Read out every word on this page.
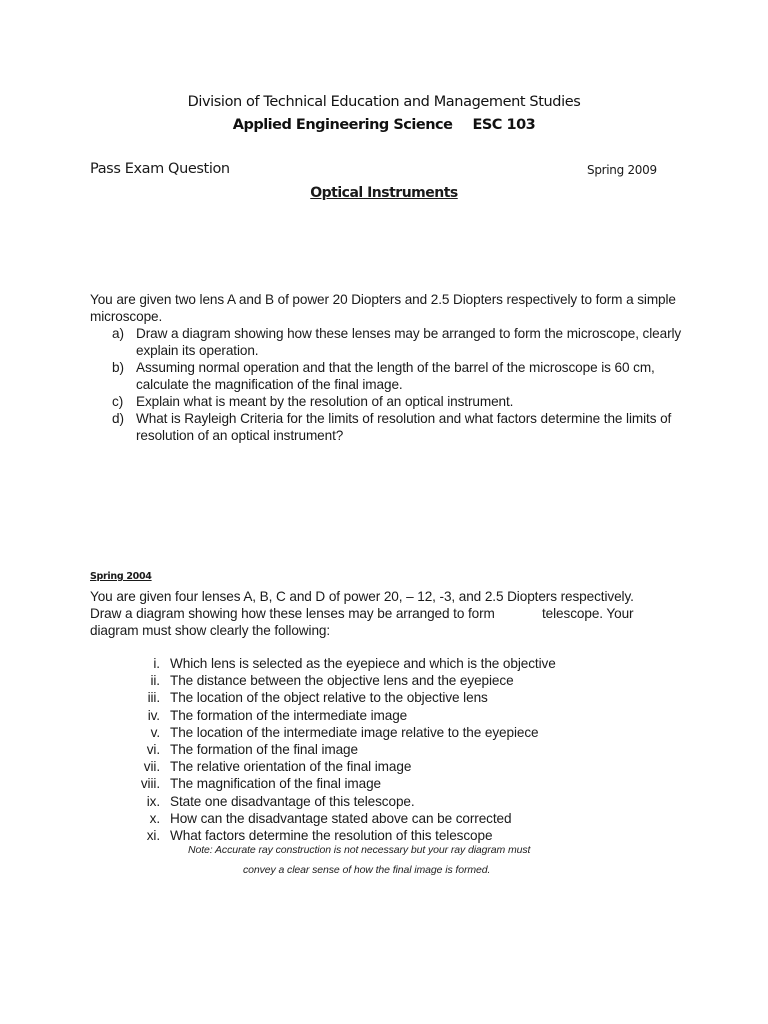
Division of Technical Education and Management Studies
Applied Engineering Science ESC 103
Pass Exam Question	Spring 2009
Optical Instruments

You are given two lens A and B of power 20 Diopters and 2.5 Diopters respectively to form a simple microscope.

a) Draw a diagram showing how these lenses may be arranged to form the microscope, clearly explain its operation.
b) Assuming normal operation and that the length of the barrel of the microscope is 60 cm, calculate the magnification of the final image.
c) Explain what is meant by the resolution of an optical instrument.
d) What is Rayleigh Criteria for the limits of resolution and what factors determine the limits of resolution of an optical instrument?
Spring 2004

You are given four lenses A, B, C and D of power 20, – 12, -3, and 2.5 Diopters respectively.

Draw a diagram showing how these lenses may be arranged to form	telescope. Your

diagram must show clearly the following:

i. Which lens is selected as the eyepiece and which is the objective
ii. The distance between the objective lens and the eyepiece
iii. The location of the object relative to the objective lens
iv. The formation of the intermediate image
v. The location of the intermediate image relative to the eyepiece
vi. The formation of the final image
vii. The relative orientation of the final image
viii. The magnification of the final image
ix. State one disadvantage of this telescope.
x. How can the disadvantage stated above can be corrected
xi. What factors determine the resolution of this telescope
Note: Accurate ray construction is not necessary but your ray diagram must
convey a clear sense of how the final image is formed.
